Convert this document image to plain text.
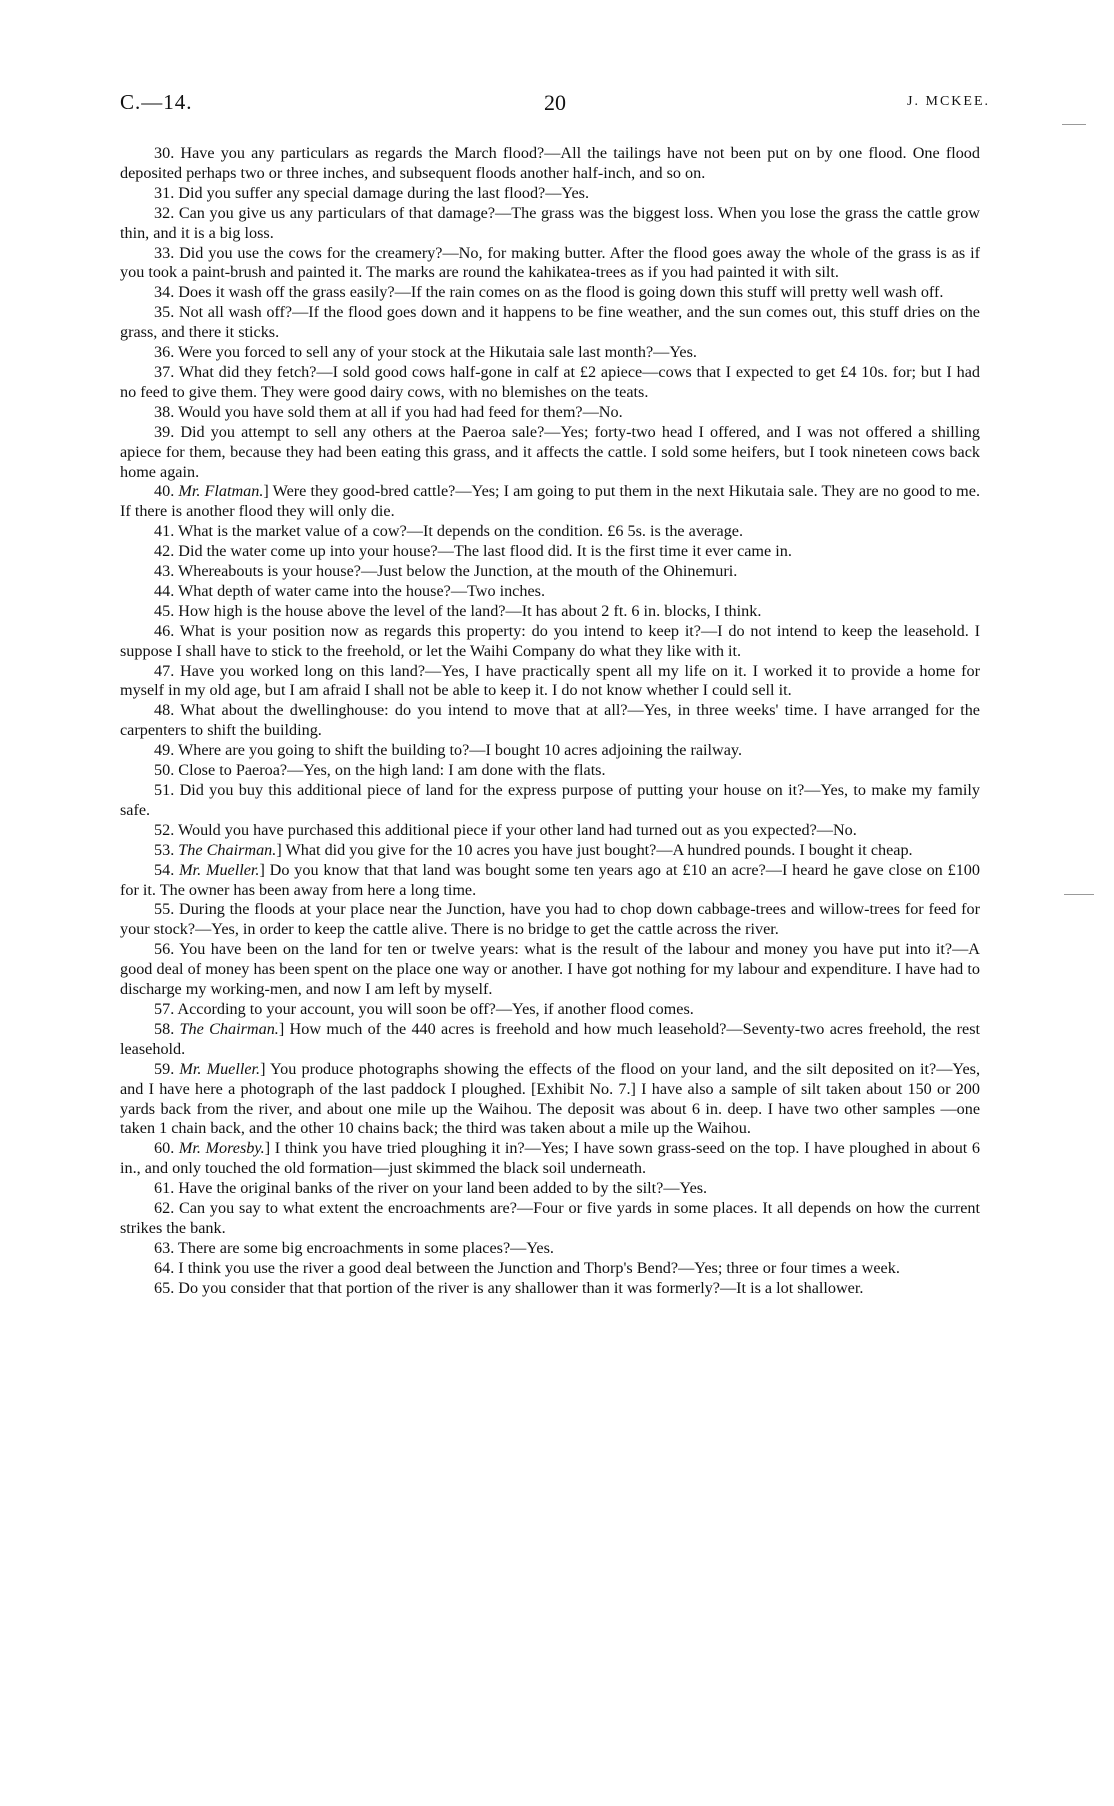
C.—14.	20	J. MCKEE.

30. Have you any particulars as regards the March flood?—All the tailings have not been put on by one flood. One flood deposited perhaps two or three inches, and subsequent floods another half-inch, and so on.

31. Did you suffer any special damage during the last flood?—Yes.

32. Can you give us any particulars of that damage?—The grass was the biggest loss. When you lose the grass the cattle grow thin, and it is a big loss.

33. Did you use the cows for the creamery?—No, for making butter. After the flood goes away the whole of the grass is as if you took a paint-brush and painted it. The marks are round the kahikatea-trees as if you had painted it with silt.

34. Does it wash off the grass easily?—If the rain comes on as the flood is going down this stuff will pretty well wash off.

35. Not all wash off?—If the flood goes down and it happens to be fine weather, and the sun comes out, this stuff dries on the grass, and there it sticks.

36. Were you forced to sell any of your stock at the Hikutaia sale last month?—Yes.

37. What did they fetch?—I sold good cows half-gone in calf at £2 apiece—cows that I expected to get £4 10s. for; but I had no feed to give them. They were good dairy cows, with no blemishes on the teats.

38. Would you have sold them at all if you had had feed for them?—No.

39. Did you attempt to sell any others at the Paeroa sale?—Yes; forty-two head I offered, and I was not offered a shilling apiece for them, because they had been eating this grass, and it affects the cattle. I sold some heifers, but I took nineteen cows back home again.

40. Mr. Flatman.] Were they good-bred cattle?—Yes; I am going to put them in the next Hikutaia sale. They are no good to me. If there is another flood they will only die.

41. What is the market value of a cow?—It depends on the condition. £6 5s. is the average.

42. Did the water come up into your house?—The last flood did. It is the first time it ever came in.

43. Whereabouts is your house?—Just below the Junction, at the mouth of the Ohinemuri.

44. What depth of water came into the house?—Two inches.

45. How high is the house above the level of the land?—It has about 2 ft. 6 in. blocks, I think.

46. What is your position now as regards this property: do you intend to keep it?—I do not intend to keep the leasehold. I suppose I shall have to stick to the freehold, or let the Waihi Company do what they like with it.

47. Have you worked long on this land?—Yes, I have practically spent all my life on it. I worked it to provide a home for myself in my old age, but I am afraid I shall not be able to keep it. I do not know whether I could sell it.

48. What about the dwellinghouse: do you intend to move that at all?—Yes, in three weeks' time. I have arranged for the carpenters to shift the building.

49. Where are you going to shift the building to?—I bought 10 acres adjoining the railway.

50. Close to Paeroa?—Yes, on the high land: I am done with the flats.

51. Did you buy this additional piece of land for the express purpose of putting your house on it?—Yes, to make my family safe.

52. Would you have purchased this additional piece if your other land had turned out as you expected?—No.

53. The Chairman.] What did you give for the 10 acres you have just bought?—A hundred pounds. I bought it cheap.

54. Mr. Mueller.] Do you know that that land was bought some ten years ago at £10 an acre?—I heard he gave close on £100 for it. The owner has been away from here a long time.

55. During the floods at your place near the Junction, have you had to chop down cabbage-trees and willow-trees for feed for your stock?—Yes, in order to keep the cattle alive. There is no bridge to get the cattle across the river.

56. You have been on the land for ten or twelve years: what is the result of the labour and money you have put into it?—A good deal of money has been spent on the place one way or another. I have got nothing for my labour and expenditure. I have had to discharge my working-men, and now I am left by myself.

57. According to your account, you will soon be off?—Yes, if another flood comes.

58. The Chairman.] How much of the 440 acres is freehold and how much leasehold?—Seventy-two acres freehold, the rest leasehold.

59. Mr. Mueller.] You produce photographs showing the effects of the flood on your land, and the silt deposited on it?—Yes, and I have here a photograph of the last paddock I ploughed. [Exhibit No. 7.] I have also a sample of silt taken about 150 or 200 yards back from the river, and about one mile up the Waihou. The deposit was about 6 in. deep. I have two other samples —one taken 1 chain back, and the other 10 chains back; the third was taken about a mile up the Waihou.

60. Mr. Moresby.] I think you have tried ploughing it in?—Yes; I have sown grass-seed on the top. I have ploughed in about 6 in., and only touched the old formation—just skimmed the black soil underneath.

61. Have the original banks of the river on your land been added to by the silt?—Yes.

62. Can you say to what extent the encroachments are?—Four or five yards in some places. It all depends on how the current strikes the bank.

63. There are some big encroachments in some places?—Yes.

64. I think you use the river a good deal between the Junction and Thorp's Bend?—Yes; three or four times a week.

65. Do you consider that that portion of the river is any shallower than it was formerly?—It is a lot shallower.
